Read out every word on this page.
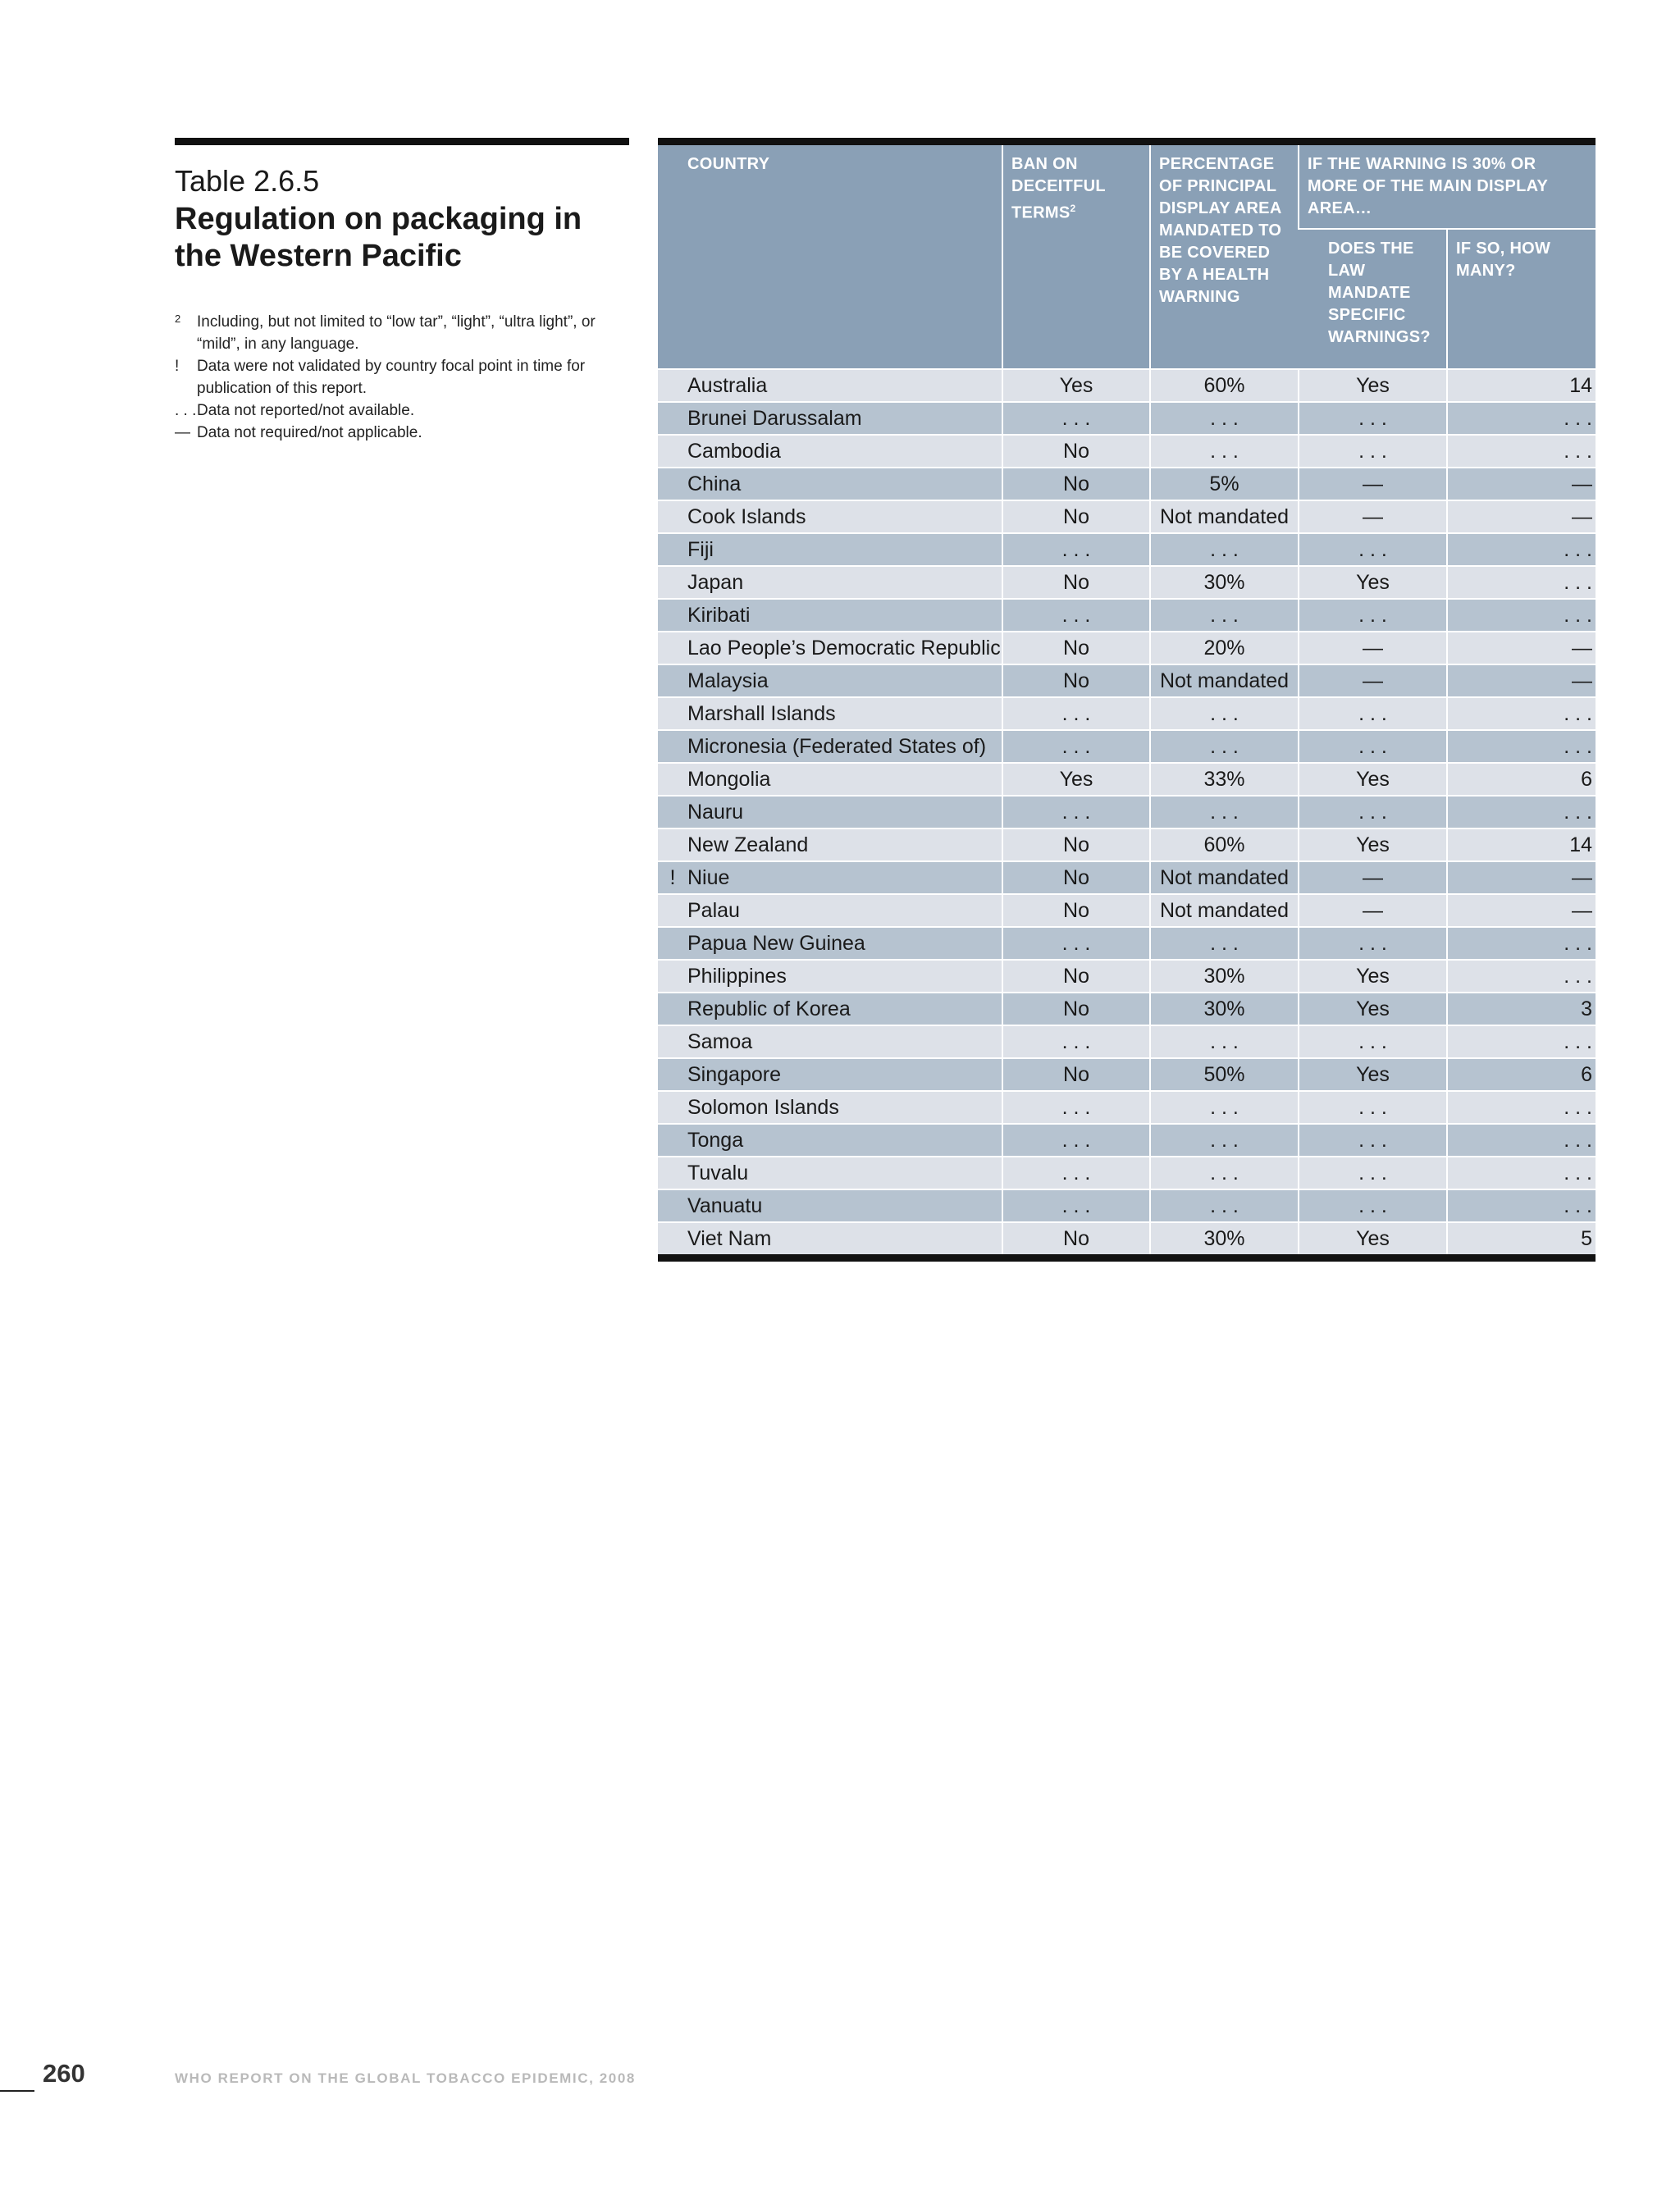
Table 2.6.5
Regulation on packaging in the Western Pacific
2	Including, but not limited to “low tar”, “light”, “ultra light”, or “mild”, in any language.
!	Data were not validated by country focal point in time for publication of this report.
. . . Data not reported/not available.
— Data not required/not applicable.
COUNTRY	BAN ON DECEITFUL TERMS$^2$	PERCENTAGE OF PRINCIPAL DISPLAY AREA MANDATED TO BE COVERED BY A HEALTH WARNING	IF THE WARNING IS 30% OR MORE OF THE MAIN DISPLAY AREA…	
			DOES THE LAW MANDATE SPECIFIC WARNINGS?	IF SO, HOW MANY?
Australia	Yes	60%	Yes	14
Brunei Darussalam	. . .	. . .	. . .	. . .
Cambodia	No	. . .	. . .	. . .
China	No	5%	—	—
Cook Islands	No	Not mandated	—	—
Fiji	. . .	. . .	. . .	. . .
Japan	No	30%	Yes	. . .
Kiribati	. . .	. . .	. . .	. . .
Lao People’s Democratic Republic	No	20%	—	—
Malaysia	No	Not mandated	—	—
Marshall Islands	. . .	. . .	. . .	. . .
Micronesia (Federated States of)	. . .	. . .	. . .	. . .
Mongolia	Yes	33%	Yes	6
Nauru	. . .	. . .	. . .	. . .
New Zealand	No	60%	Yes	14
! Niue	No	Not mandated	—	—
Palau	No	Not mandated	—	—
Papua New Guinea	. . .	. . .	. . .	. . .
Philippines	No	30%	Yes	. . .
Republic of Korea	No	30%	Yes	3
Samoa	. . .	. . .	. . .	. . .
Singapore	No	50%	Yes	6
Solomon Islands	. . .	. . .	. . .	. . .
Tonga	. . .	. . .	. . .	. . .
Tuvalu	. . .	. . .	. . .	. . .
Vanuatu	. . .	. . .	. . .	. . .
Viet Nam	No	30%	Yes	5
260	WHO REPORT ON THE GLOBAL TOBACCO EPIDEMIC, 2008
